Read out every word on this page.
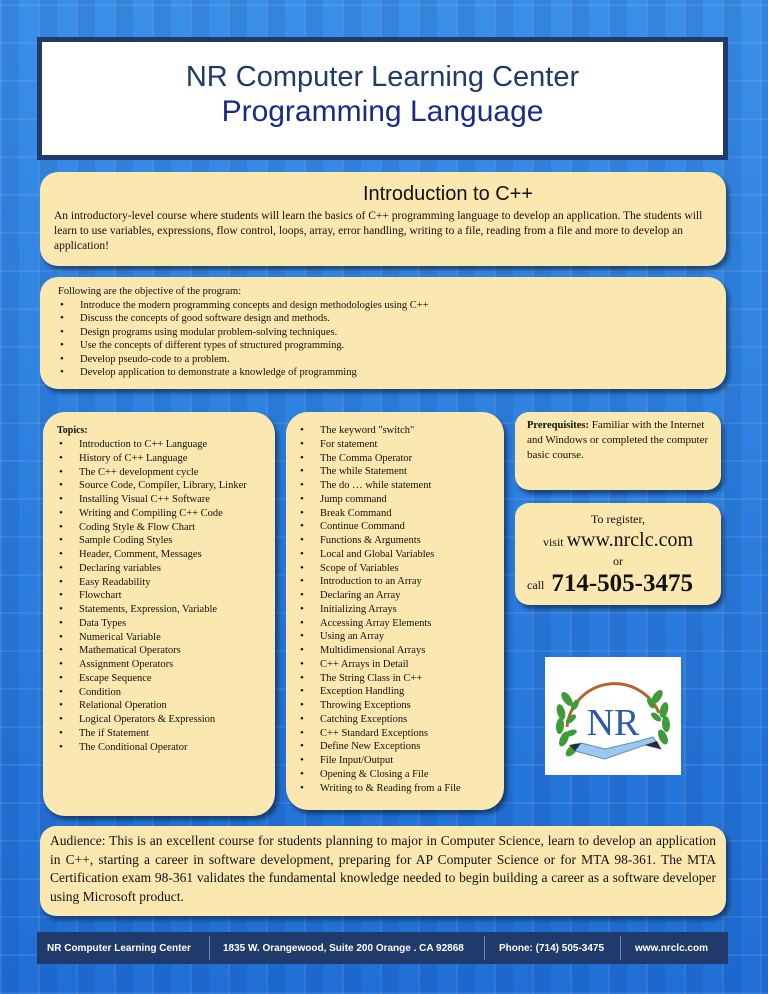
NR Computer Learning Center
Programming Language
Introduction to C++
An introductory-level course where students will learn the basics of C++ programming language to develop an application. The students will learn to use variables, expressions, flow control, loops, array, error handling, writing to a file, reading from a file and more to develop an application!
Following are the objective of the program:
• Introduce the modern programming concepts and design methodologies using C++
• Discuss the concepts of good software design and methods.
• Design programs using modular problem-solving techniques.
• Use the concepts of different types of structured programming.
• Develop pseudo-code to a problem.
• Develop application to demonstrate a knowledge of programming
Topics:
• Introduction to C++ Language
• History of C++ Language
• The C++ development cycle
• Source Code, Compiler, Library, Linker
• Installing Visual C++ Software
• Writing and Compiling C++ Code
• Coding Style & Flow Chart
• Sample Coding Styles
• Header, Comment, Messages
• Declaring variables
• Easy Readability
• Flowchart
• Statements, Expression, Variable
• Data Types
• Numerical Variable
• Mathematical Operators
• Assignment Operators
• Escape Sequence
• Condition
• Relational Operation
• Logical Operators & Expression
• The if Statement
• The Conditional Operator
• The keyword "switch"
• For statement
• The Comma Operator
• The while Statement
• The do … while statement
• Jump command
• Break Command
• Continue Command
• Functions & Arguments
• Local and Global Variables
• Scope of Variables
• Introduction to an Array
• Declaring an Array
• Initializing Arrays
• Accessing Array Elements
• Using an Array
• Multidimensional Arrays
• C++ Arrays in Detail
• The String Class in C++
• Exception Handling
• Throwing Exceptions
• Catching Exceptions
• C++ Standard Exceptions
• Define New Exceptions
• File Input/Output
• Opening & Closing a File
• Writing to & Reading from a File
Prerequisites: Familiar with the Internet and Windows or completed the computer basic course.
To register,
visit www.nrclc.com
or
call 714-505-3475
NR
Audience: This is an excellent course for students planning to major in Computer Science, learn to develop an application in C++, starting a career in software development, preparing for AP Computer Science or for MTA 98-361. The MTA Certification exam 98-361 validates the fundamental knowledge needed to begin building a career as a software developer using Microsoft product.
NR Computer Learning Center	1835 W. Orangewood, Suite 200 Orange . CA 92868	Phone: (714) 505-3475	www.nrclc.com
